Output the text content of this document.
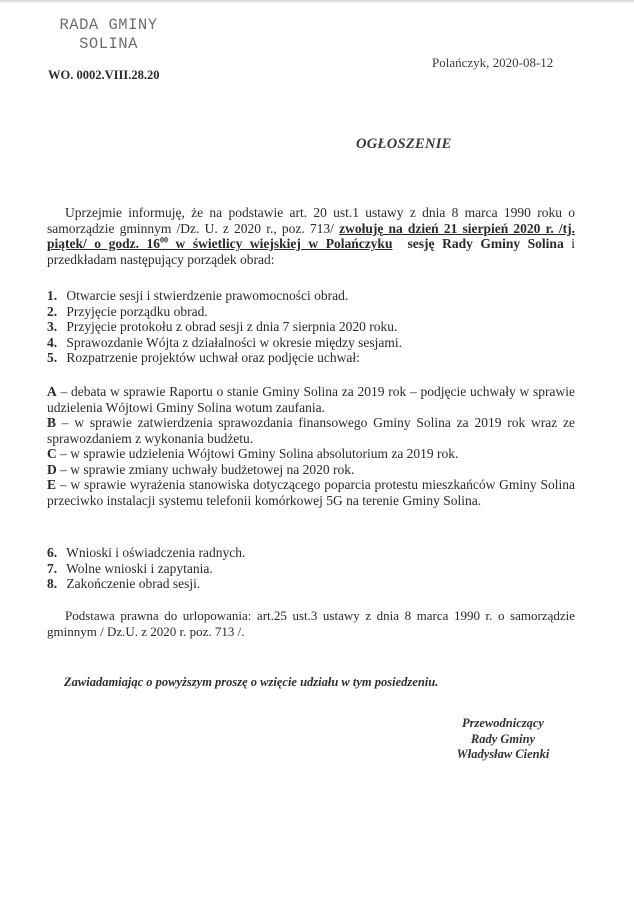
RADA GMINY
SOLINA
WO. 0002.VIII.28.20
Polańczyk, 2020-08-12
OGŁOSZENIE
Uprzejmie informuję, że na podstawie art. 20 ust.1 ustawy z dnia 8 marca 1990 roku o samorządzie gminnym /Dz. U. z 2020 r., poz. 713/ zwołuję na dzień 21 sierpień 2020 r. /tj. piątek/ o godz. $16^{00}$ w świetlicy wiejskiej w Polańczyku sesję Rady Gminy Solina i przedkładam następujący porządek obrad:
1. Otwarcie sesji i stwierdzenie prawomocności obrad.
2. Przyjęcie porządku obrad.
3. Przyjęcie protokołu z obrad sesji z dnia 7 sierpnia 2020 roku.
4. Sprawozdanie Wójta z działalności w okresie między sesjami.
5. Rozpatrzenie projektów uchwał oraz podjęcie uchwał:
A – debata w sprawie Raportu o stanie Gminy Solina za 2019 rok – podjęcie uchwały w sprawie udzielenia Wójtowi Gminy Solina wotum zaufania.
B – w sprawie zatwierdzenia sprawozdania finansowego Gminy Solina za 2019 rok wraz ze sprawozdaniem z wykonania budżetu.
C – w sprawie udzielenia Wójtowi Gminy Solina absolutorium za 2019 rok.
D – w sprawie zmiany uchwały budżetowej na 2020 rok.
E – w sprawie wyrażenia stanowiska dotyczącego poparcia protestu mieszkańców Gminy Solina przeciwko instalacji systemu telefonii komórkowej 5G na terenie Gminy Solina.
6. Wnioski i oświadczenia radnych.
7. Wolne wnioski i zapytania.
8. Zakończenie obrad sesji.
Podstawa prawna do urlopowania: art.25 ust.3 ustawy z dnia 8 marca 1990 r. o samorządzie gminnym / Dz.U. z 2020 r. poz. 713 /.
Zawiadamiając o powyższym proszę o wzięcie udziału w tym posiedzeniu.
Przewodniczący
Rady Gminy
Władysław Cienki
